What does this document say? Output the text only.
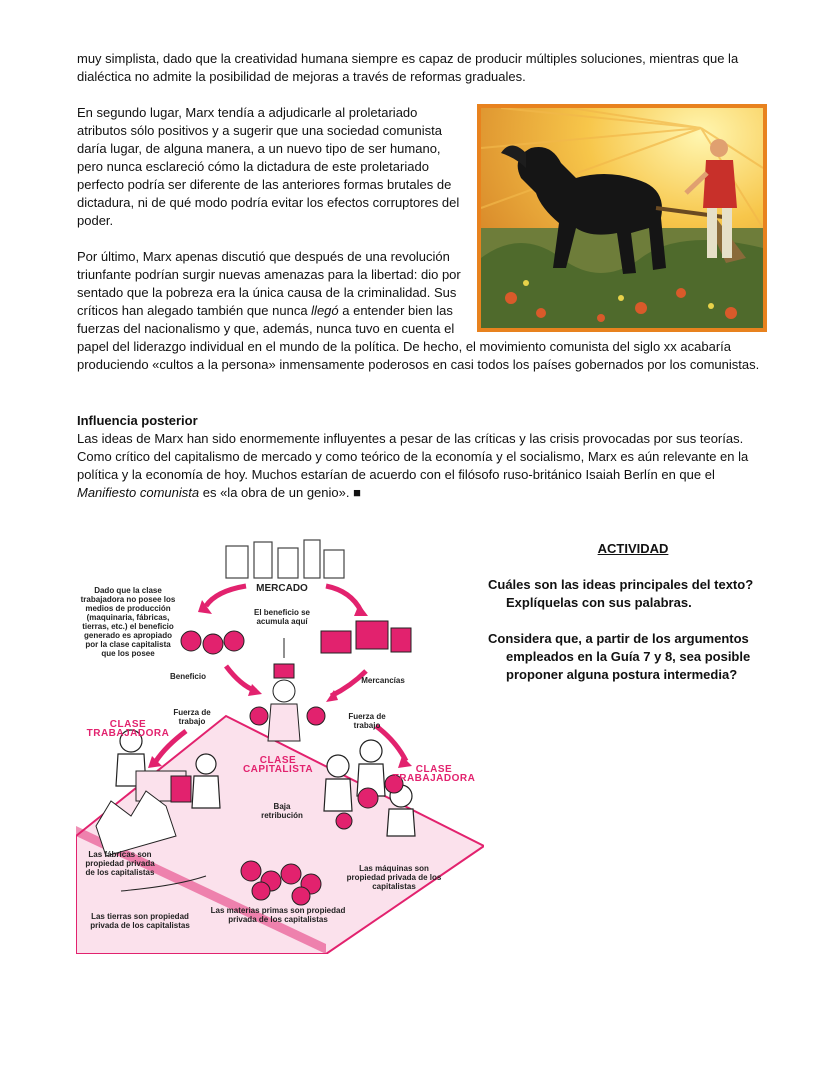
muy simplista, dado que la creatividad humana siempre es capaz de producir múltiples soluciones, mientras que la dialéctica no admite la posibilidad de mejoras a través de reformas graduales.

En segundo lugar, Marx tendía a adjudicarle al proletariado atributos sólo positivos y a sugerir que una sociedad comunista daría lugar, de alguna manera, a un nuevo tipo de ser humano, pero nunca esclareció cómo la dictadura de este proletariado perfecto podría ser diferente de las anteriores formas brutales de dictadura, ni de qué modo podría evitar los efectos corruptores del poder.

Por último, Marx apenas discutió que después de una revolución triunfante podrían surgir nuevas amenazas para la libertad: dio por sentado que la pobreza era la única causa de la criminalidad. Sus críticos han alegado también que nunca llegó a entender bien las fuerzas del nacionalismo y que, además, nunca tuvo en cuenta el papel del liderazgo individual en el mundo de la política. De hecho, el movimiento comunista del siglo xx acabaría produciendo «cultos a la persona» inmensamente poderosos en casi todos los países gobernados por los comunistas.

Influencia posterior

Las ideas de Marx han sido enormemente influyentes a pesar de las críticas y las crisis provocadas por sus teorías. Como crítico del capitalismo de mercado y como teórico de la economía y el socialismo, Marx es aún relevante en la política y la economía de hoy. Muchos estarían de acuerdo con el filósofo ruso-británico Isaiah Berlín en que el Manifiesto comunista es «la obra de un genio». ■

MERCADO
El beneficio se acumula aquí
Dado que la clase trabajadora no posee los medios de producción (maquinaria, fábricas, tierras, etc.) el beneficio generado es apropiado por la clase capitalista que los posee
Beneficio	Mercancías
Fuerza de trabajo
Fuerza de trabajo
CLASE TRABAJADORA
CLASE CAPITALISTA	CLASE TRABAJADORA
Baja retribución
Las fábricas son propiedad privada de los capitalistas	Las máquinas son propiedad privada de los capitalistas
Las tierras son propiedad privada de los capitalistas
Las materias primas son propiedad privada de los capitalistas

ACTIVIDAD

Cuáles son las ideas principales del texto? Explíquelas con sus palabras.

Considera que, a partir de los argumentos empleados en la Guía 7 y 8, sea posible proponer alguna postura intermedia?
